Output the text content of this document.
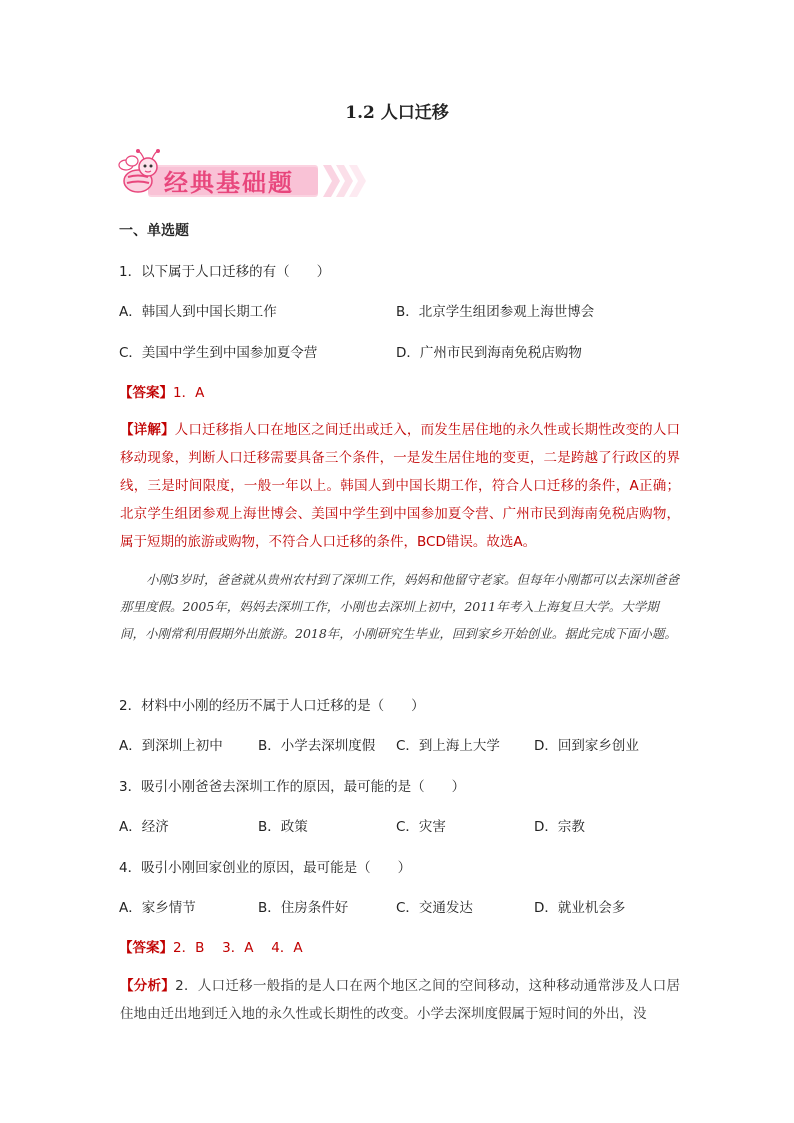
1.2 人口迁移
经典基础题
一、单选题
1．以下属于人口迁移的有（　　）
A．韩国人到中国长期工作	B．北京学生组团参观上海世博会
C．美国中学生到中国参加夏令营	D．广州市民到海南免税店购物
【答案】1．A
【详解】人口迁移指人口在地区之间迁出或迁入，而发生居住地的永久性或长期性改变的人口移动现象，判断人口迁移需要具备三个条件，一是发生居住地的变更，二是跨越了行政区的界线，三是时间限度，一般一年以上。韩国人到中国长期工作，符合人口迁移的条件，A正确；北京学生组团参观上海世博会、美国中学生到中国参加夏令营、广州市民到海南免税店购物，属于短期的旅游或购物，不符合人口迁移的条件，BCD错误。故选A。
小刚3岁时，爸爸就从贵州农村到了深圳工作，妈妈和他留守老家。但每年小刚都可以去深圳爸爸那里度假。2005年，妈妈去深圳工作，小刚也去深圳上初中，2011年考入上海复旦大学。大学期间，小刚常利用假期外出旅游。2018年，小刚研究生毕业，回到家乡开始创业。据此完成下面小题。
2．材料中小刚的经历不属于人口迁移的是（　　）
A．到深圳上初中	B．小学去深圳度假 C．到上海上大学	D．回到家乡创业
3．吸引小刚爸爸去深圳工作的原因，最可能的是（　　）
A．经济	B．政策	C．灾害	D．宗教
4．吸引小刚回家创业的原因，最可能是（　　）
A．家乡情节	B．住房条件好	C．交通发达	D．就业机会多
【答案】2．B　 3．A　 4．A
【分析】2．人口迁移一般指的是人口在两个地区之间的空间移动，这种移动通常涉及人口居住地由迁出地到迁入地的永久性或长期性的改变。小学去深圳度假属于短时间的外出，没
